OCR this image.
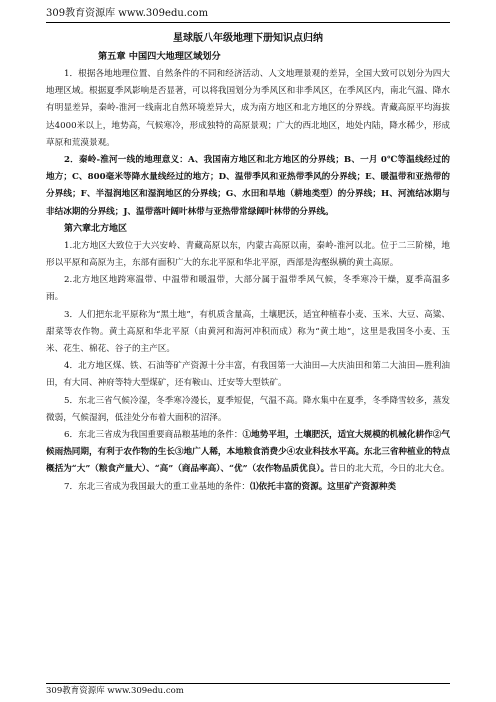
309教育资源库 www.309edu.com
星球版八年级地理下册知识点归纳
第五章 中国四大地理区域划分

1．根据各地地理位置、自然条件的不同和经济活动、人文地理景观的差异，全国大致可以划分为四大地理区域。根据夏季风影响是否显著，可以将我国划分为季风区和非季风区，在季风区内，南北气温、降水有明显差异，秦岭-淮河一线南北自然环境差异大，成为南方地区和北方地区的分界线。青藏高原平均海拔达4000米以上，地势高，气候寒冷，形成独特的高原景观；广大的西北地区，地处内陆，降水稀少，形成草原和荒漠景观。

2．秦岭-淮河一线的地理意义：A、我国南方地区和北方地区的分界线；B、一月 0℃等温线经过的地方；C、800毫米等降水量线经过的地方；D、温带季风和亚热带季风的分界线；E、暖温带和亚热带的分界线；F、半湿润地区和湿润地区的分界线；G、水田和旱地（耕地类型）的分界线；H、河流结冰期与非结冰期的分界线；J、温带落叶阔叶林带与亚热带常绿阔叶林带的分界线。

第六章北方地区

1.北方地区大致位于大兴安岭、青藏高原以东，内蒙古高原以南，秦岭-淮河以北。位于二三阶梯，地形以平原和高原为主，东部有面积广大的东北平原和华北平原，西部是沟壑纵横的黄土高原。

2.北方地区地跨寒温带、中温带和暖温带，大部分属于温带季风气候，冬季寒冷干燥，夏季高温多雨。

3．人们把东北平原称为“黑土地”，有机质含量高，土壤肥沃，适宜种植春小麦、玉米、大豆、高粱、甜菜等农作物。黄土高原和华北平原（由黄河和海河冲积而成）称为“黄土地”，这里是我国冬小麦、玉米、花生、棉花、谷子的主产区。

4．北方地区煤、铁、石油等矿产资源十分丰富，有我国第一大油田—大庆油田和第二大油田—胜利油田，有大同、神府等特大型煤矿，还有鞍山、迁安等大型铁矿。

5．东北三省气候冷湿，冬季寒冷漫长，夏季短促，气温不高。降水集中在夏季，冬季降雪较多，蒸发微弱，气候湿润，低洼处分布着大面积的沼泽。

6．东北三省成为我国重要商品粮基地的条件：①地势平坦，土壤肥沃，适宜大规模的机械化耕作②气候雨热同期，有利于农作物的生长③地广人稀，本地粮食消费少④农业科技水平高。东北三省种植业的特点概括为“大”（粮食产量大）、“高”（商品率高）、“优”（农作物品质优良）。昔日的北大荒，今日的北大仓。

7．东北三省成为我国最大的重工业基地的条件：⑴依托丰富的资源。这里矿产资源种类

309教育资源库 www.309edu.com
